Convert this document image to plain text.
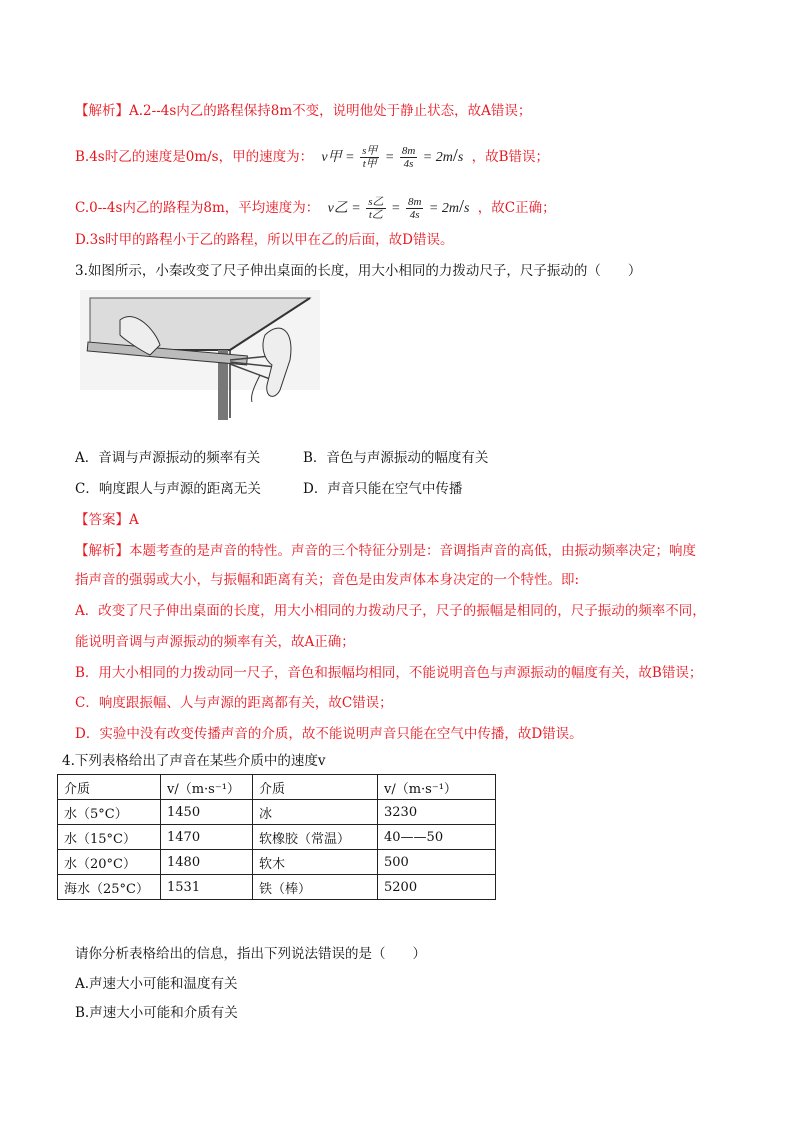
【解析】A.2--4s内乙的路程保持8m不变，说明他处于静止状态，故A错误；
B.4s时乙的速度是0m/s，甲的速度为： v甲 = $\frac{\text{s甲}}{\text{t甲}} = \frac{8m}{4s} = 2m/s$ ，故B错误；
C.0--4s内乙的路程为8m，平均速度为： v乙 = $\frac{\text{s乙}}{\text{t乙}} = \frac{8m}{4s} = 2m/s$ ，故C正确；
D.3s时甲的路程小于乙的路程，所以甲在乙的后面，故D错误。
3.如图所示，小秦改变了尺子伸出桌面的长度，用大小相同的力拨动尺子，尺子振动的（　　）
A．音调与声源振动的频率有关	B．音色与声源振动的幅度有关
C．响度跟人与声源的距离无关	D．声音只能在空气中传播
【答案】A
【解析】本题考查的是声音的特性。声音的三个特征分别是：音调指声音的高低，由振动频率决定；响度
指声音的强弱或大小，与振幅和距离有关；音色是由发声体本身决定的一个特性。即:
A．改变了尺子伸出桌面的长度，用大小相同的力拨动尺子，尺子的振幅是相同的，尺子振动的频率不同，
能说明音调与声源振动的频率有关，故A正确；
B．用大小相同的力拨动同一尺子，音色和振幅均相同，不能说明音色与声源振动的幅度有关，故B错误；
C．响度跟振幅、人与声源的距离都有关，故C错误；
D．实验中没有改变传播声音的介质，故不能说明声音只能在空气中传播，故D错误。
4.下列表格给出了声音在某些介质中的速度v
介质	v/（m·s⁻¹）	介质	v/（m·s⁻¹）
水（5°C）	1450	冰	3230
水（15°C）	1470	软橡胶（常温）	40——50
水（20°C）	1480	软木	500
海水（25°C）	1531	铁（棒）	5200
请你分析表格给出的信息，指出下列说法错误的是（　　）
A.声速大小可能和温度有关
B.声速大小可能和介质有关
